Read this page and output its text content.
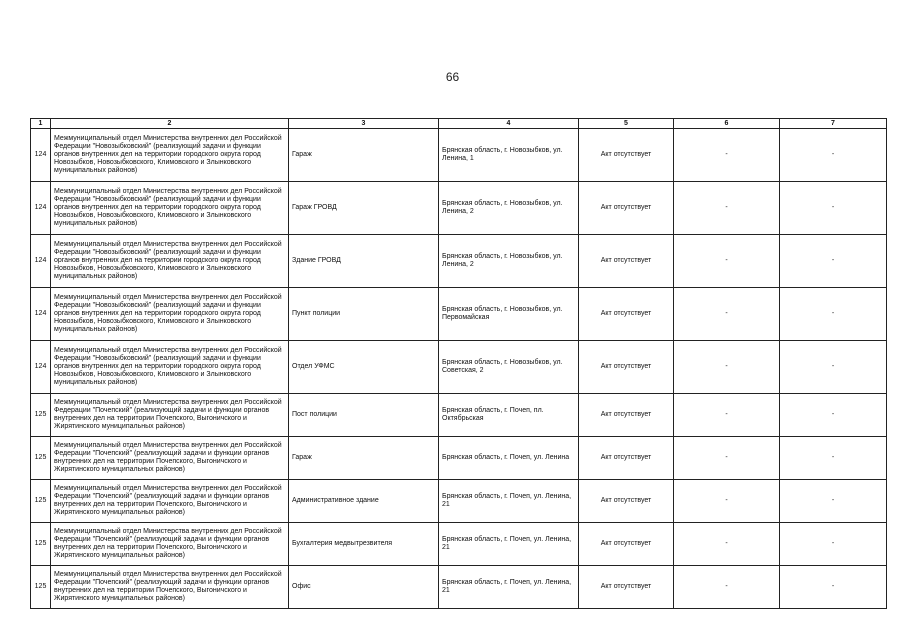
66
1	2	3	4	5	6	7
124	Межмуниципальный отдел Министерства внутренних дел Российской Федерации "Новозыбковский" (реализующий задачи и функции органов внутренних дел на территории городского округа город Новозыбков, Новозыбковского, Климовского и Злынковского муниципальных районов)	Гараж	Брянская область, г. Новозыбков, ул. Ленина, 1	Акт отсутствует	-	-
124	Межмуниципальный отдел Министерства внутренних дел Российской Федерации "Новозыбковский" (реализующий задачи и функции органов внутренних дел на территории городского округа город Новозыбков, Новозыбковского, Климовского и Злынковского муниципальных районов)	Гараж ГРОВД	Брянская область, г. Новозыбков, ул. Ленина, 2	Акт отсутствует	-	-
124	Межмуниципальный отдел Министерства внутренних дел Российской Федерации "Новозыбковский" (реализующий задачи и функции органов внутренних дел на территории городского округа город Новозыбков, Новозыбковского, Климовского и Злынковского муниципальных районов)	Здание ГРОВД	Брянская область, г. Новозыбков, ул. Ленина, 2	Акт отсутствует	-	-
124	Межмуниципальный отдел Министерства внутренних дел Российской Федерации "Новозыбковский" (реализующий задачи и функции органов внутренних дел на территории городского округа город Новозыбков, Новозыбковского, Климовского и Злынковского муниципальных районов)	Пункт полиции	Брянская область, г. Новозыбков, ул. Первомайская	Акт отсутствует	-	-
124	Межмуниципальный отдел Министерства внутренних дел Российской Федерации "Новозыбковский" (реализующий задачи и функции органов внутренних дел на территории городского округа город Новозыбков, Новозыбковского, Климовского и Злынковского муниципальных районов)	Отдел УФМС	Брянская область, г. Новозыбков, ул. Советская, 2	Акт отсутствует	-	-
125	Межмуниципальный отдел Министерства внутренних дел Российской Федерации "Почепский" (реализующий задачи и функции органов внутренних дел на территории Почепского, Выгоничского и Жирятинского муниципальных районов)	Пост полиции	Брянская область, г. Почеп, пл. Октябрьская	Акт отсутствует	-	-
125	Межмуниципальный отдел Министерства внутренних дел Российской Федерации "Почепский" (реализующий задачи и функции органов внутренних дел на территории Почепского, Выгоничского и Жирятинского муниципальных районов)	Гараж	Брянская область, г. Почеп, ул. Ленина	Акт отсутствует	-	-
125	Межмуниципальный отдел Министерства внутренних дел Российской Федерации "Почепский" (реализующий задачи и функции органов внутренних дел на территории Почепского, Выгоничского и Жирятинского муниципальных районов)	Административное здание	Брянская область, г. Почеп, ул. Ленина, 21	Акт отсутствует	-	-
125	Межмуниципальный отдел Министерства внутренних дел Российской Федерации "Почепский" (реализующий задачи и функции органов внутренних дел на территории Почепского, Выгоничского и Жирятинского муниципальных районов)	Бухгалтерия медвытрезвителя	Брянская область, г. Почеп, ул. Ленина, 21	Акт отсутствует	-	-
125	Межмуниципальный отдел Министерства внутренних дел Российской Федерации "Почепский" (реализующий задачи и функции органов внутренних дел на территории Почепского, Выгоничского и Жирятинского муниципальных районов)	Офис	Брянская область, г. Почеп, ул. Ленина, 21	Акт отсутствует	-	-
